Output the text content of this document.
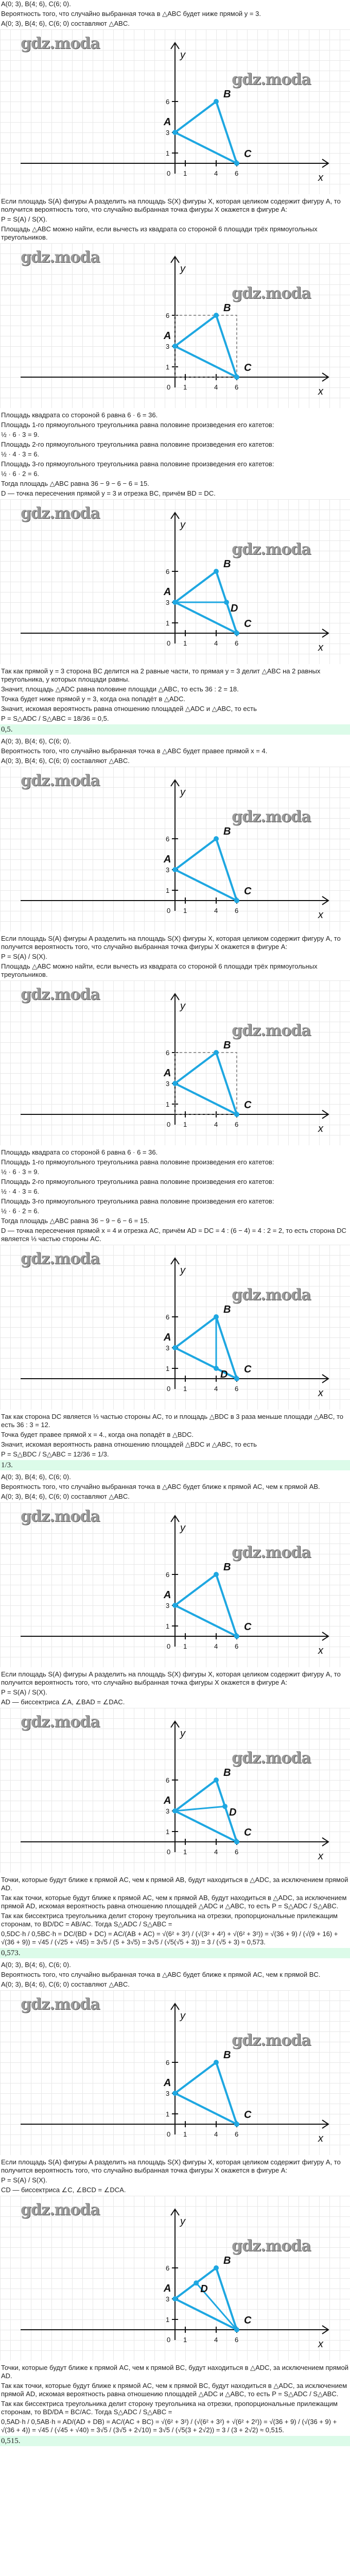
A(0; 3), B(4; 6), C(6; 0).
Вероятность того, что случайно выбранная точка в △ABC будет ниже прямой y = 3.
A(0; 3), B(4; 6), C(6; 0) составляют △ABC.
x
y
1	4	6
0
1
3
6
A
B
C
gdz.moda
gdz.moda
Если площадь S(A) фигуры A разделить на площадь S(X) фигуры X, которая целиком содержит фигуру A, то получится вероятность того, что случайно выбранная точка фигуры X окажется в фигуре A:
P = S(A) / S(X).
Площадь △ABC можно найти, если вычесть из квадрата со стороной 6 площади трёх прямоугольных треугольников.
x
y
1	4	6
0
1
3
6
A
B
C
gdz.moda
gdz.moda
Площадь квадрата со стороной 6 равна 6 · 6 = 36.
Площадь 1-го прямоугольного треугольника равна половине произведения его катетов:
½ · 6 · 3 = 9.
Площадь 2-го прямоугольного треугольника равна половине произведения его катетов:
½ · 4 · 3 = 6.
Площадь 3-го прямоугольного треугольника равна половине произведения его катетов:
½ · 6 · 2 = 6.
Тогда площадь △ABC равна 36 − 9 − 6 − 6 = 15.
D — точка пересечения прямой y = 3 и отрезка BC, причём BD = DC.
x
y
1	4	6
0
1
3
6
D
A
B
C
gdz.moda
gdz.moda
Так как прямой y = 3 сторона BC делится на 2 равные части, то прямая y = 3 делит △ABC на 2 равных треугольника, у которых площади равны.
Значит, площадь △ADC равна половине площади △ABC, то есть 36 : 2 = 18.
Точка будет ниже прямой y = 3, когда она попадёт в △ADC.
Значит, искомая вероятность равна отношению площадей △ADC и △ABC, то есть
P = S△ADC / S△ABC = 18/36 = 0,5.
0,5.
A(0; 3), B(4; 6), C(6; 0).
Вероятность того, что случайно выбранная точка в △ABC будет правее прямой x = 4.
A(0; 3), B(4; 6), C(6; 0) составляют △ABC.
x
y
1	4	6
0
1
3
6
A
B
C
gdz.moda
gdz.moda
Если площадь S(A) фигуры A разделить на площадь S(X) фигуры X, которая целиком содержит фигуру A, то получится вероятность того, что случайно выбранная точка фигуры X окажется в фигуре A:
P = S(A) / S(X).
Площадь △ABC можно найти, если вычесть из квадрата со стороной 6 площади трёх прямоугольных треугольников.
x
y
1	4	6
0
1
3
6
A
B
C
gdz.moda
gdz.moda
Площадь квадрата со стороной 6 равна 6 · 6 = 36.
Площадь 1-го прямоугольного треугольника равна половине произведения его катетов:
½ · 6 · 3 = 9.
Площадь 2-го прямоугольного треугольника равна половине произведения его катетов:
½ · 4 · 3 = 6.
Площадь 3-го прямоугольного треугольника равна половине произведения его катетов:
½ · 6 · 2 = 6.
Тогда площадь △ABC равна 36 − 9 − 6 − 6 = 15.
D — точка пересечения прямой x = 4 и отрезка AC, причём AD = DC = 4 : (6 − 4) = 4 : 2 = 2, то есть сторона DC является ⅓ частью стороны AC.
x
y
1	4	6
0
1
3
6
D
A
B
C
gdz.moda
gdz.moda
Так как сторона DC является ⅓ частью стороны AC, то и площадь △BDC в 3 раза меньше площади △ABC, то есть 36 : 3 = 12.
Точка будет правее прямой x = 4., когда она попадёт в △BDC.
Значит, искомая вероятность равна отношению площадей △BDC и △ABC, то есть
P = S△BDC / S△ABC = 12/36 = 1/3.
1/3.
A(0; 3), B(4; 6), C(6; 0).
Вероятность того, что случайно выбранная точка в △ABC будет ближе к прямой AC, чем к прямой AB.
A(0; 3), B(4; 6), C(6; 0) составляют △ABC.
x
y
1	4	6
0
1
3
6
A
B
C
gdz.moda
gdz.moda
Если площадь S(A) фигуры A разделить на площадь S(X) фигуры X, которая целиком содержит фигуру A, то получится вероятность того, что случайно выбранная точка фигуры X окажется в фигуре A:
P = S(A) / S(X).
AD — биссектриса ∠A, ∠BAD = ∠DAC.
x
y
1	4	6
0
1
3
6
D
A
B
C
gdz.moda
gdz.moda
Точки, которые будут ближе к прямой AC, чем к прямой AB, будут находиться в △ADC, за исключением прямой AD.
Так как точки, которые будут ближе к прямой AC, чем к прямой AB, будут находиться в △ADC, за исключением прямой AD, искомая вероятность равна отношению площадей △ADC и △ABC, то есть P = S△ADC / S△ABC.
Так как биссектриса треугольника делит сторону треугольника на отрезки, пропорциональные прилежащим сторонам, то BD/DC = AB/AC. Тогда S△ADC / S△ABC =
0,5DC·h / 0,5BC·h = DC/(BD + DC) = AC/(AB + AC) = √(6² + 3²) / (√(3² + 4²) + √(6² + 3²)) = √(36 + 9) / (√(9 + 16) + √(36 + 9)) = √45 / (√25 + √45) = 3√5 / (5 + 3√5) = 3√5 / (√5(√5 + 3)) = 3 / (√5 + 3) ≈ 0,573.
0,573.
A(0; 3), B(4; 6), C(6; 0).
Вероятность того, что случайно выбранная точка в △ABC будет ближе к прямой AC, чем к прямой BC.
A(0; 3), B(4; 6), C(6; 0) составляют △ABC.
x
y
1	4	6
0
1
3
6
A
B
C
gdz.moda
gdz.moda
Если площадь S(A) фигуры A разделить на площадь S(X) фигуры X, которая целиком содержит фигуру A, то получится вероятность того, что случайно выбранная точка фигуры X окажется в фигуре A:
P = S(A) / S(X).
CD — биссектриса ∠C, ∠BCD = ∠DCA.
x
y
1	4	6
0
1
3
6
D
A
B
C
gdz.moda
gdz.moda
Точки, которые будут ближе к прямой AC, чем к прямой BC, будут находиться в △ADC, за исключением прямой AD.
Так как точки, которые будут ближе к прямой AC, чем к прямой BC, будут находиться в △ADC, за исключением прямой AD, искомая вероятность равна отношению площадей △ADC и △ABC, то есть P = S△ADC / S△ABC.
Так как биссектриса треугольника делит сторону треугольника на отрезки, пропорциональные прилежащим сторонам, то BD/DA = BC/AC. Тогда S△ADC / S△ABC =
0,5AD·h / 0,5AB·h = AD/(AD + DB) = AC/(AC + BC) = √(6² + 3²) / (√(6² + 3²) + √(6² + 2²)) = √(36 + 9) / (√(36 + 9) + √(36 + 4)) = √45 / (√45 + √40) = 3√5 / (3√5 + 2√10) = 3√5 / (√5(3 + 2√2)) = 3 / (3 + 2√2) ≈ 0,515.
0,515.
